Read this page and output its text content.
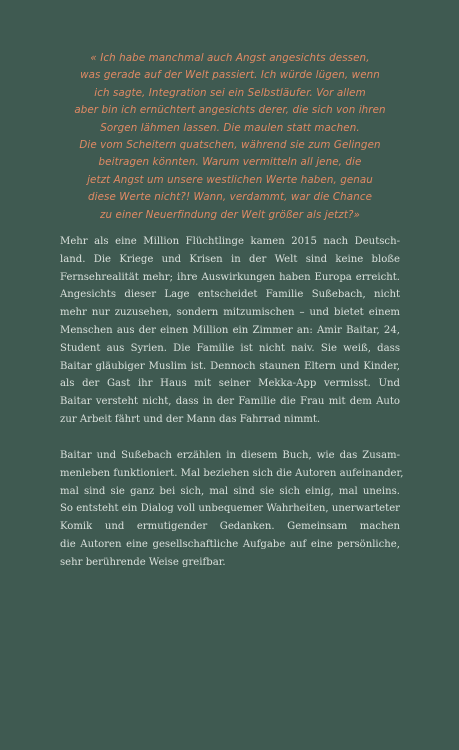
« Ich habe manchmal auch Angst angesichts dessen,
was gerade auf der Welt passiert. Ich würde lügen, wenn
ich sagte, Integration sei ein Selbstläufer. Vor allem
aber bin ich ernüchtert angesichts derer, die sich von ihren
Sorgen lähmen lassen. Die maulen statt machen.
Die vom Scheitern quatschen, während sie zum Gelingen
beitragen könnten. Warum vermitteln all jene, die
jetzt Angst um unsere westlichen Werte haben, genau
diese Werte nicht?! Wann, verdammt, war die Chance
zu einer Neuerfindung der Welt größer als jetzt?»
Mehr als eine Million Flüchtlinge kamen 2015 nach Deutsch-
land. Die Kriege und Krisen in der Welt sind keine bloße
Fernsehrealität mehr; ihre Auswirkungen haben Europa erreicht.
Angesichts dieser Lage entscheidet Familie Sußebach, nicht
mehr nur zuzusehen, sondern mitzumischen – und bietet einem
Menschen aus der einen Million ein Zimmer an: Amir Baitar, 24,
Student aus Syrien. Die Familie ist nicht naiv. Sie weiß, dass
Baitar gläubiger Muslim ist. Dennoch staunen Eltern und Kinder,
als der Gast ihr Haus mit seiner Mekka-App vermisst. Und
Baitar versteht nicht, dass in der Familie die Frau mit dem Auto
zur Arbeit fährt und der Mann das Fahrrad nimmt.
Baitar und Sußebach erzählen in diesem Buch, wie das Zusam-
menleben funktioniert. Mal beziehen sich die Autoren aufeinander,
mal sind sie ganz bei sich, mal sind sie sich einig, mal uneins.
So entsteht ein Dialog voll unbequemer Wahrheiten, unerwarteter
Komik und ermutigender Gedanken. Gemeinsam machen
die Autoren eine gesellschaftliche Aufgabe auf eine persönliche,
sehr berührende Weise greifbar.
